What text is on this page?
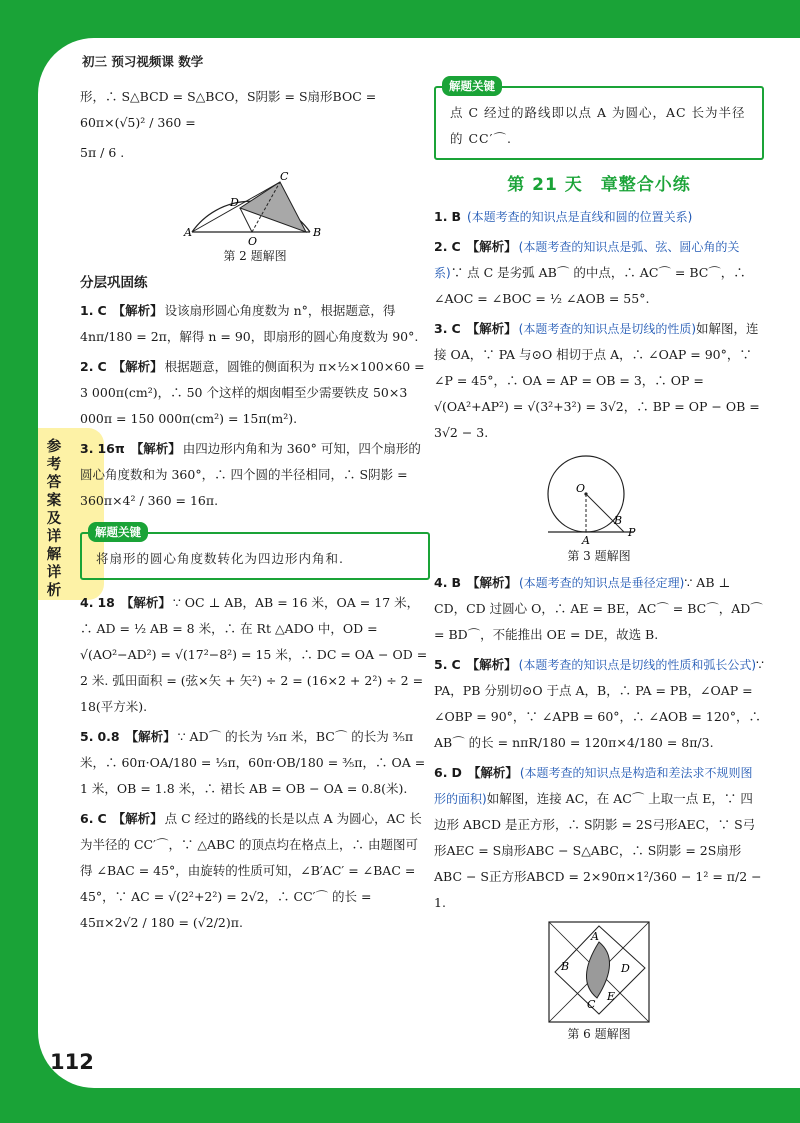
初三 预习视频课 数学
参考答案及详解详析

形，∴ S△BCD = S△BCO，S阴影 = S扇形BOC = 60π×(√5)² / 360 =

5π / 6 .

A	B
C
D
O
第 2 题解图
分层巩固练

1. C 【解析】 设该扇形圆心角度数为 n°，根据题意，得 4nπ/180 = 2π，解得 n = 90，即扇形的圆心角度数为 90°.

2. C 【解析】 根据题意，圆锥的侧面积为 π×½×100×60 = 3 000π(cm²)，∴ 50 个这样的烟囱帽至少需要铁皮 50×3 000π = 150 000π(cm²) = 15π(m²).

3. 16π 【解析】 由四边形内角和为 360° 可知，四个扇形的圆心角度数和为 360°，∴ 四个圆的半径相同，∴ S阴影 = 360π×4² / 360 = 16π.

解题关键
将扇形的圆心角度数转化为四边形内角和.

4. 18 【解析】 ∵ OC ⊥ AB，AB = 16 米，OA = 17 米，∴ AD = ½ AB = 8 米，∴ 在 Rt △ADO 中，OD = √(AO²−AD²) = √(17²−8²) = 15 米，∴ DC = OA − OD = 2 米. 弧田面积 = (弦×矢 + 矢²) ÷ 2 = (16×2 + 2²) ÷ 2 = 18(平方米).

5. 0.8 【解析】 ∵ AD⌒ 的长为 ⅓π 米，BC⌒ 的长为 ⅗π 米，∴ 60π·OA/180 = ⅓π，60π·OB/180 = ⅗π，∴ OA = 1 米，OB = 1.8 米，∴ 裙长 AB = OB − OA = 0.8(米).

6. C 【解析】 点 C 经过的路线的长是以点 A 为圆心，AC 长为半径的 CC′⌒，∵ △ABC 的顶点均在格点上，∴ 由题图可得 ∠BAC = 45°，由旋转的性质可知，∠B′AC′ = ∠BAC = 45°，∵ AC = √(2²+2²) = 2√2，∴ CC′⌒ 的长 = 45π×2√2 / 180 = (√2/2)π.

解题关键
点 C 经过的路线即以点 A 为圆心，AC 长为半径的 CC′⌒.
第 21 天　章整合小练

1. B (本题考查的知识点是直线和圆的位置关系)

2. C 【解析】 (本题考查的知识点是弧、弦、圆心角的关系)∵ 点 C 是劣弧 AB⌒ 的中点，∴ AC⌒ = BC⌒，∴ ∠AOC = ∠BOC = ½ ∠AOB = 55°.

3. C 【解析】 (本题考查的知识点是切线的性质)如解图，连接 OA，∵ PA 与⊙O 相切于点 A，∴ ∠OAP = 90°，∵ ∠P = 45°，∴ OA = AP = OB = 3，∴ OP = √(OA²+AP²) = √(3²+3²) = 3√2，∴ BP = OP − OB = 3√2 − 3.

O
A
B
P
第 3 题解图

4. B 【解析】 (本题考查的知识点是垂径定理)∵ AB ⊥ CD，CD 过圆心 O，∴ AE = BE，AC⌒ = BC⌒，AD⌒ = BD⌒，不能推出 OE = DE，故选 B.

5. C 【解析】 (本题考查的知识点是切线的性质和弧长公式)∵ PA，PB 分别切⊙O 于点 A，B，∴ PA = PB，∠OAP = ∠OBP = 90°，∵ ∠APB = 60°，∴ ∠AOB = 120°，∴ AB⌒ 的长 = nπR/180 = 120π×4/180 = 8π/3.

6. D 【解析】 (本题考查的知识点是构造和差法求不规则图形的面积)如解图，连接 AC，在 AC⌒ 上取一点 E，∵ 四边形 ABCD 是正方形，∴ S阴影 = 2S弓形AEC，∵ S弓形AEC = S扇形ABC − S△ABC，∴ S阴影 = 2S扇形ABC − S正方形ABCD = 2×90π×1²/360 − 1² = π/2 − 1.

A
B
C
D
E
第 6 题解图
112
